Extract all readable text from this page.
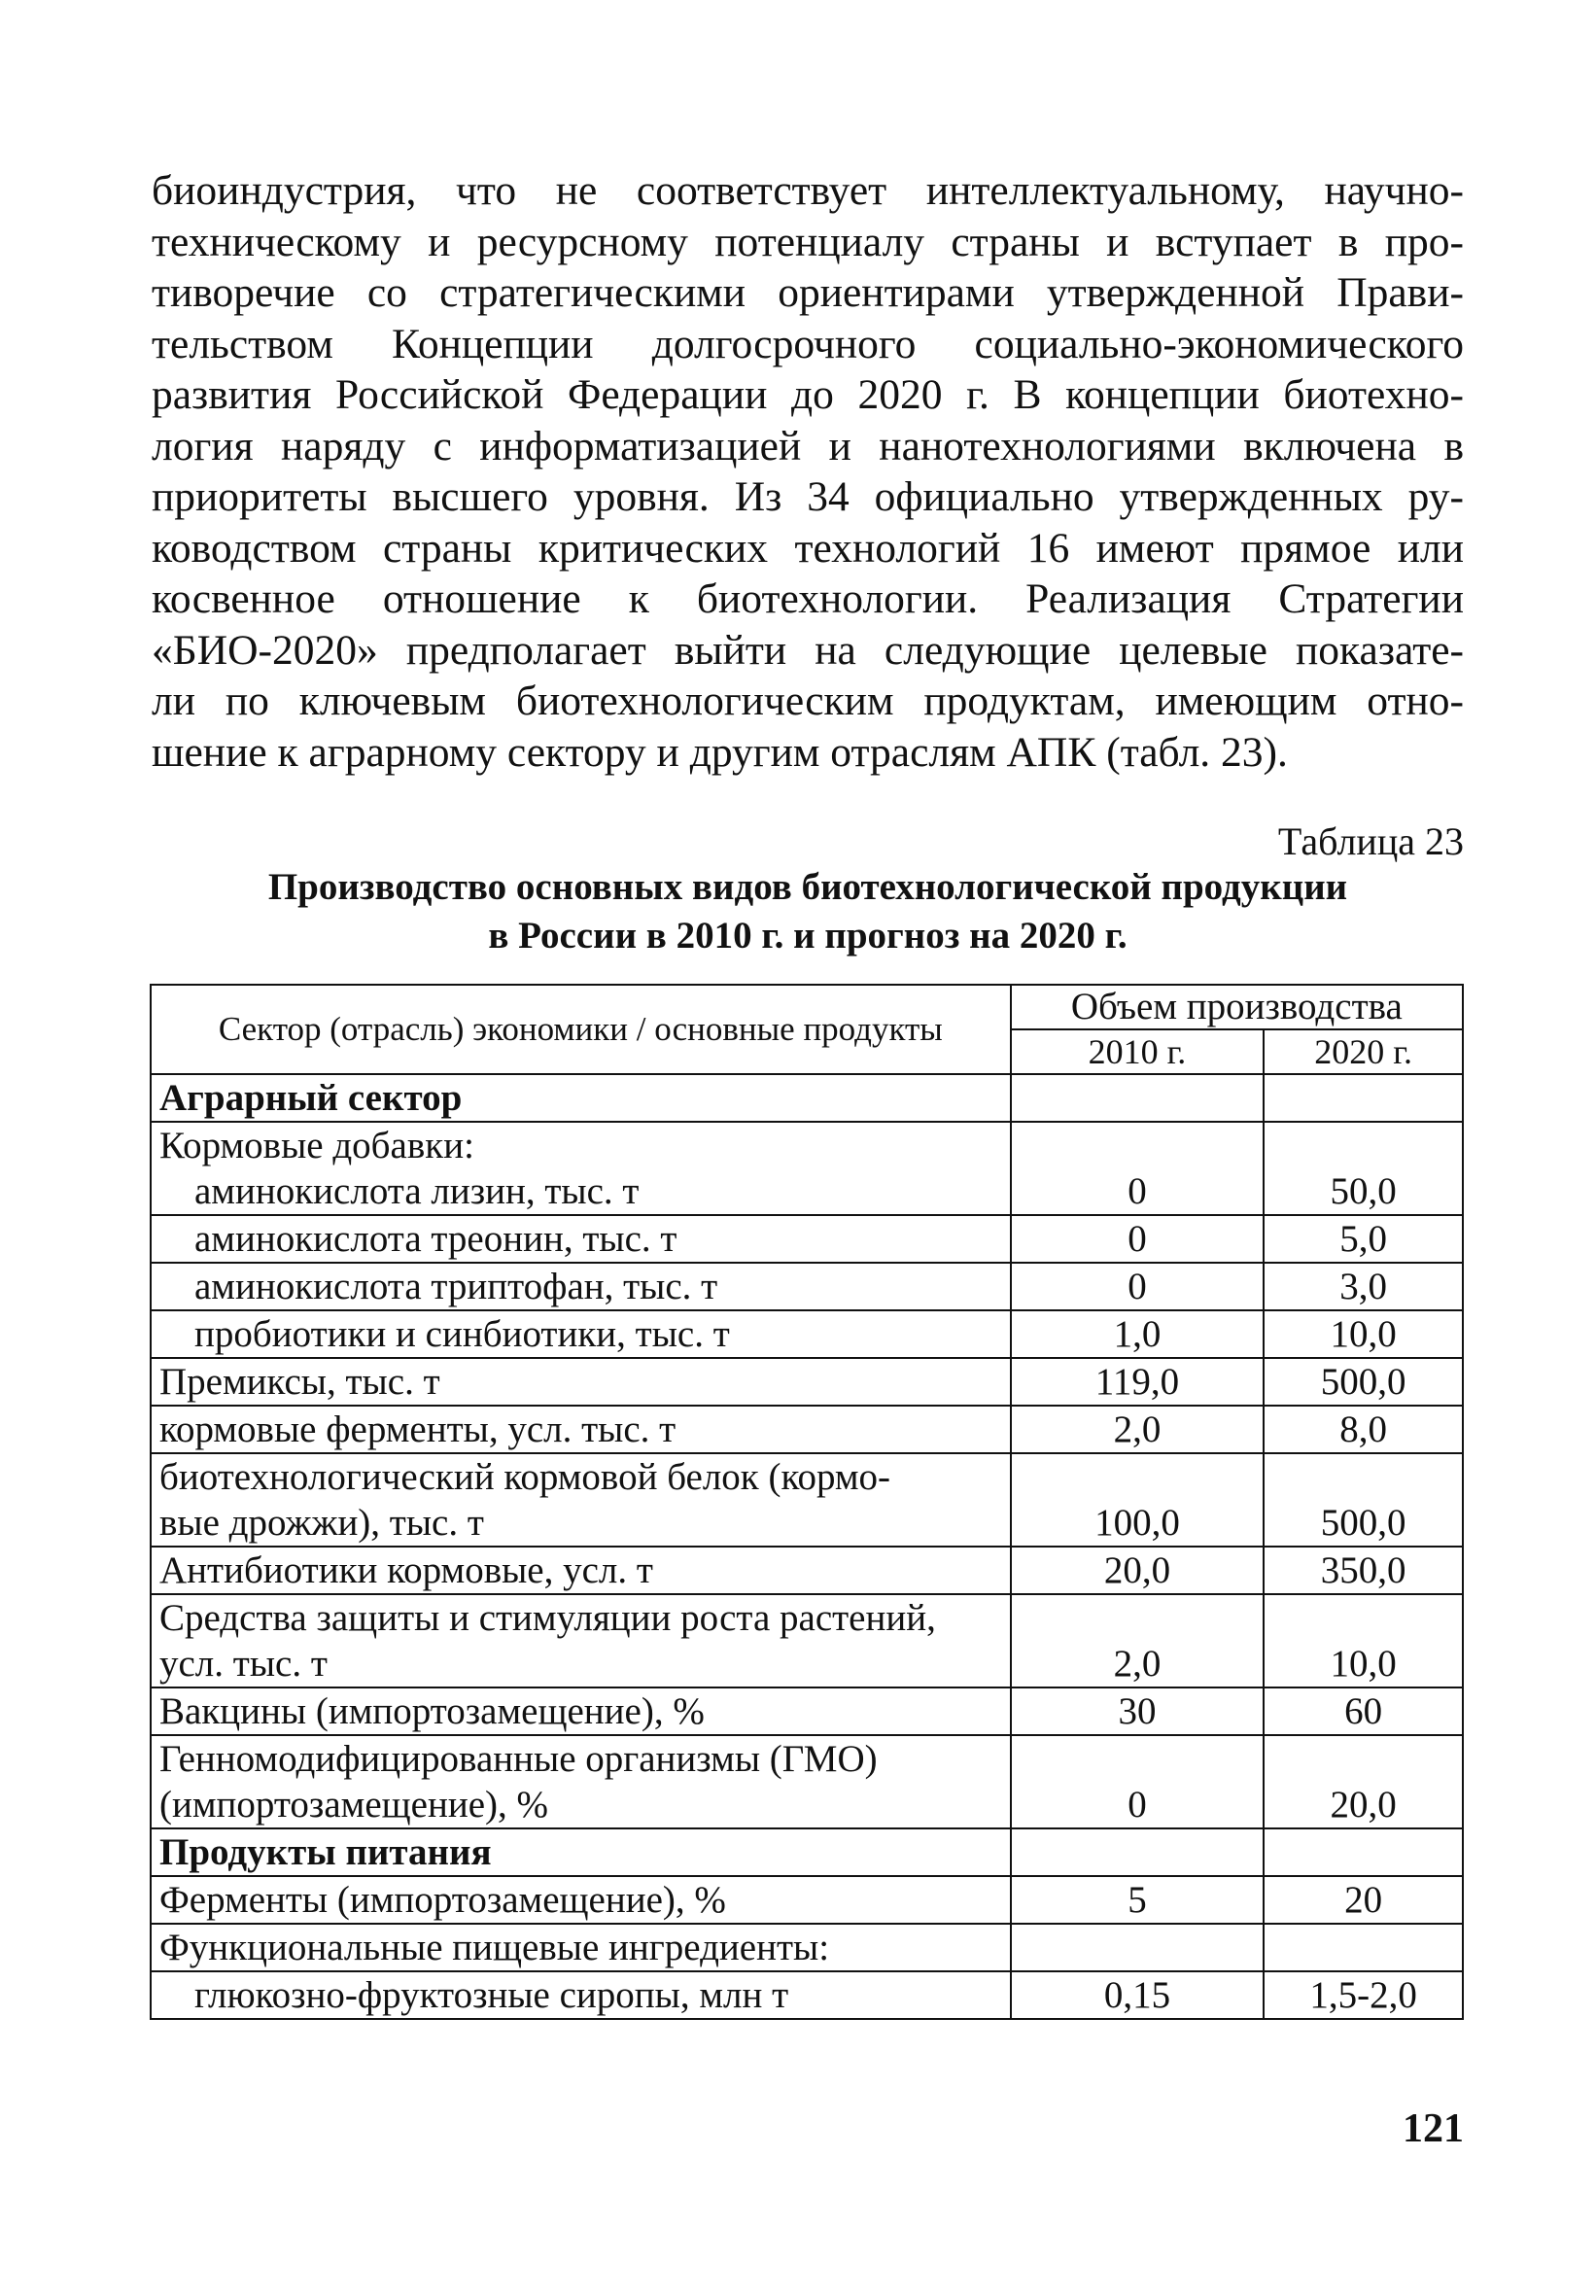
биоиндустрия, что не соответствует интеллектуальному, научно-
техническому и ресурсному потенциалу страны и вступает в про-
тиворечие со стратегическими ориентирами утвержденной Прави-
тельством Концепции долгосрочного социально-экономического
развития Российской Федерации до 2020 г. В концепции биотехно-
логия наряду с информатизацией и нанотехнологиями включена в
приоритеты высшего уровня. Из 34 официально утвержденных ру-
ководством страны критических технологий 16 имеют прямое или
косвенное отношение к биотехнологии. Реализация Стратегии
«БИО-2020» предполагает выйти на следующие целевые показате-
ли по ключевым биотехнологическим продуктам, имеющим отно-
шение к аграрному сектору и другим отраслям АПК (табл. 23).

Таблица 23
Производство основных видов биотехнологической продукции
в России в 2010 г. и прогноз на 2020 г.
Сектор (отрасль) экономики / основные продукты	Объем производства	
	2010 г.	2020 г.
Аграрный сектор		
Кормовые добавки:		
аминокислота лизин, тыс. т	0	50,0
аминокислота треонин, тыс. т	0	5,0
аминокислота триптофан, тыс. т	0	3,0
пробиотики и синбиотики, тыс. т	1,0	10,0
Премиксы, тыс. т	119,0	500,0
кормовые ферменты, усл. тыс. т	2,0	8,0
биотехнологический кормовой белок (кормо-
вые дрожжи), тыс. т	100,0	500,0
Антибиотики кормовые, усл. т	20,0	350,0
Средства защиты и стимуляции роста растений,
усл. тыс. т	2,0	10,0
Вакцины (импортозамещение), %	30	60
Генномодифицированные организмы (ГМО)
(импортозамещение), %	0	20,0
Продукты питания		
Ферменты (импортозамещение), %	5	20
Функциональные пищевые ингредиенты:		
глюкозно-фруктозные сиропы, млн т	0,15	1,5-2,0
121
